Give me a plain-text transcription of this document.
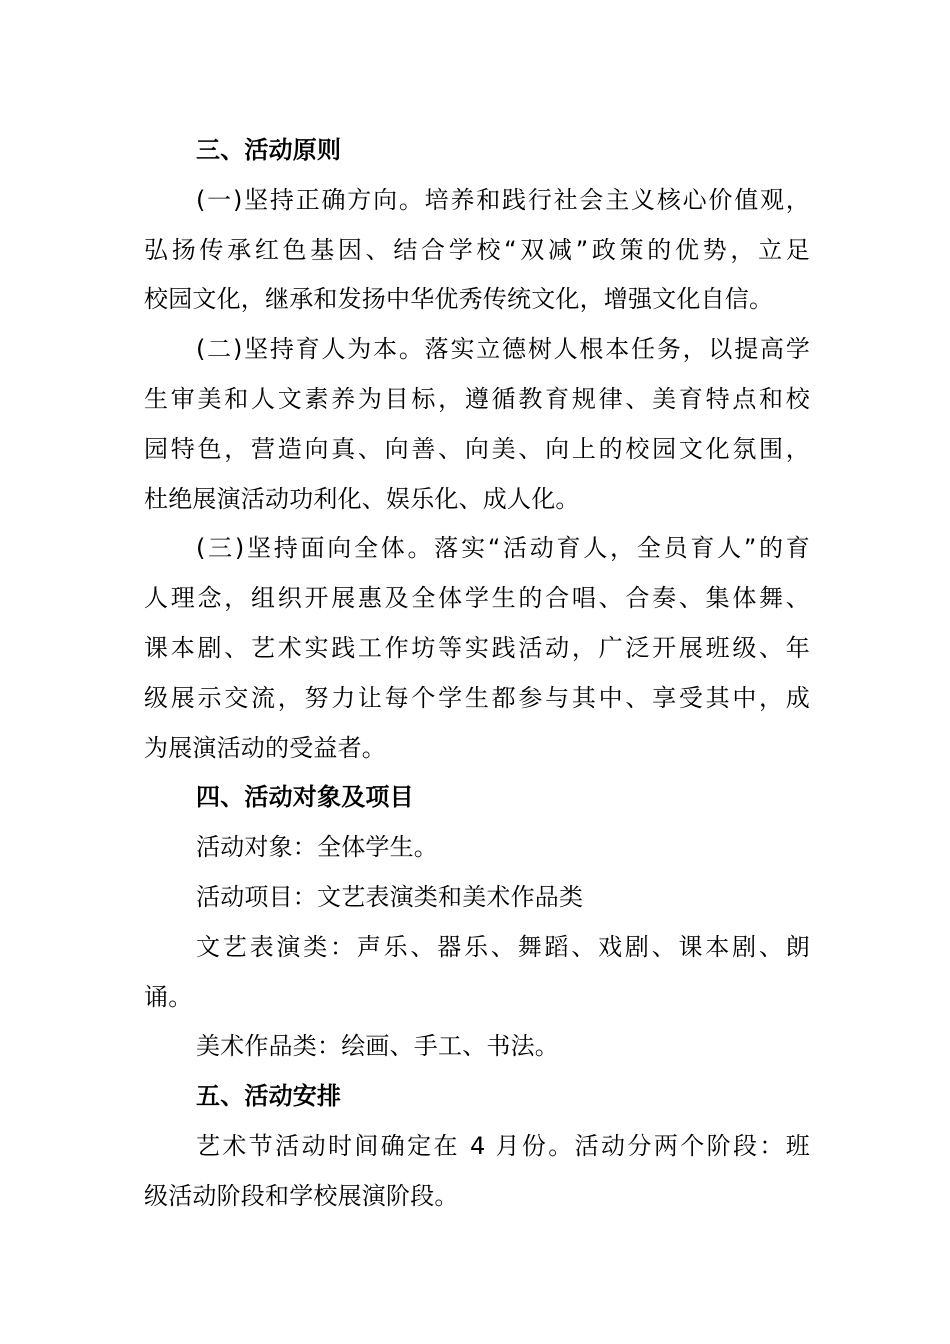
三、活动原则
(一)坚持正确方向。培养和践行社会主义核心价值观，
弘扬传承红色基因、结合学校“双减”政策的优势，立足
校园文化，继承和发扬中华优秀传统文化，增强文化自信。
(二)坚持育人为本。落实立德树人根本任务，以提高学
生审美和人文素养为目标，遵循教育规律、美育特点和校
园特色，营造向真、向善、向美、向上的校园文化氛围，
杜绝展演活动功利化、娱乐化、成人化。
(三)坚持面向全体。落实“活动育人，全员育人”的育
人理念，组织开展惠及全体学生的合唱、合奏、集体舞、
课本剧、艺术实践工作坊等实践活动，广泛开展班级、年
级展示交流，努力让每个学生都参与其中、享受其中，成
为展演活动的受益者。
四、活动对象及项目
活动对象：全体学生。
活动项目：文艺表演类和美术作品类
文艺表演类：声乐、器乐、舞蹈、戏剧、课本剧、朗
诵。
美术作品类：绘画、手工、书法。
五、活动安排
艺术节活动时间确定在 4 月份。活动分两个阶段：班
级活动阶段和学校展演阶段。
